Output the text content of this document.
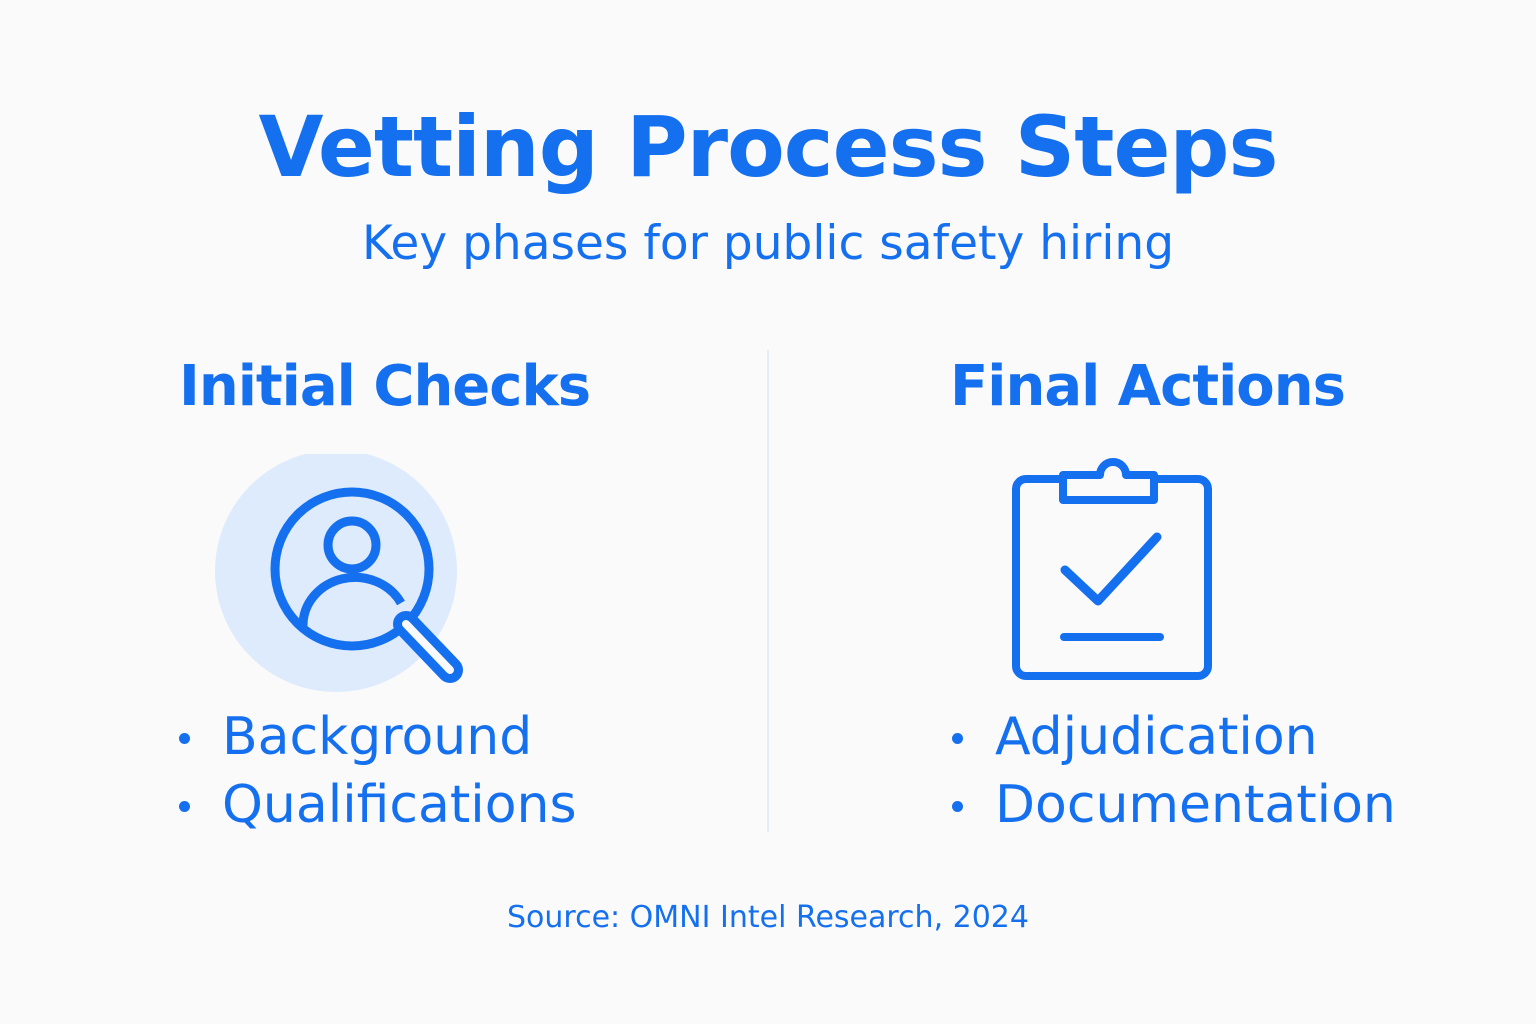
Vetting Process Steps
Key phases for public safety hiring
Initial Checks
Background
Qualifications
Final Actions
Adjudication
Documentation
Source: OMNI Intel Research, 2024
